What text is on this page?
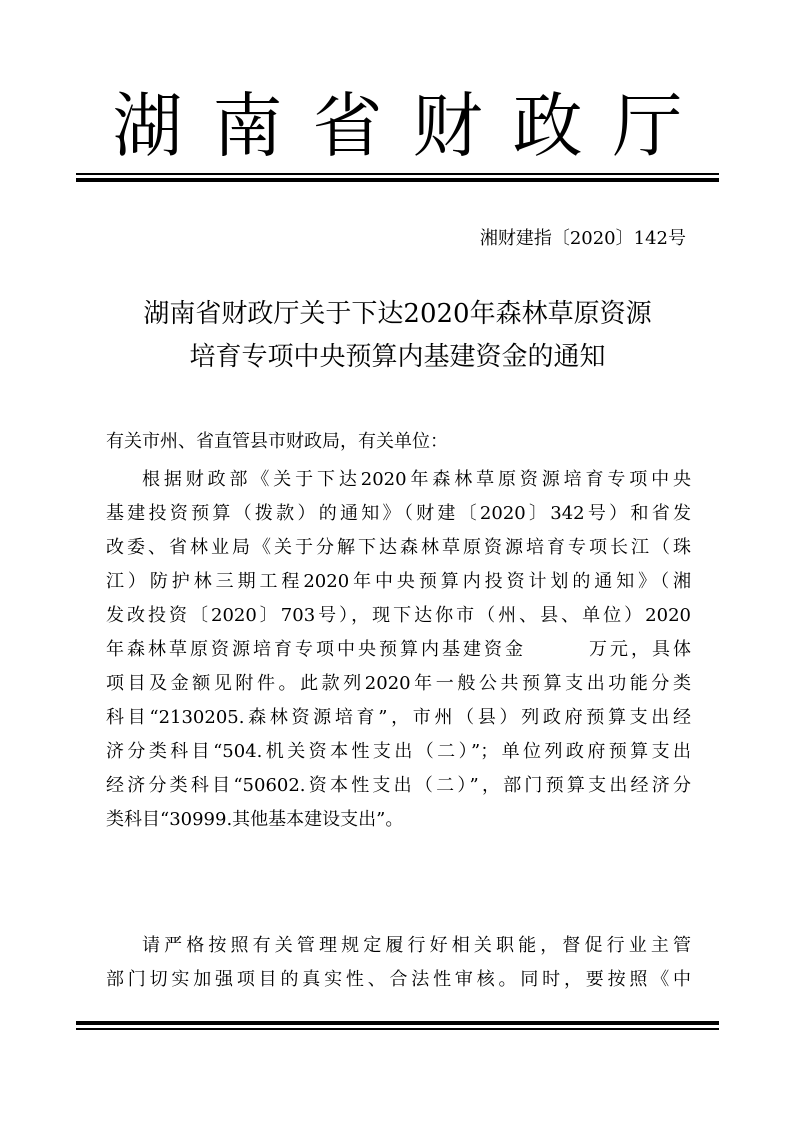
湖南省财政厅
湘财建指〔2020〕142号
湖南省财政厅关于下达2020年森林草原资源
培育专项中央预算内基建资金的通知
有关市州、省直管县市财政局，有关单位：
根据财政部《关于下达2020年森林草原资源培育专项中央
基建投资预算（拨款）的通知》（财建〔2020〕342号）和省发
改委、省林业局《关于分解下达森林草原资源培育专项长江（珠
江）防护林三期工程2020年中央预算内投资计划的通知》（湘
发改投资〔2020〕703号），现下达你市（州、县、单位）2020
年森林草原资源培育专项中央预算内基建资金　　　万元，具体
项目及金额见附件。此款列2020年一般公共预算支出功能分类
科目“2130205.森林资源培育”，市州（县）列政府预算支出经
济分类科目“504.机关资本性支出（二）”；单位列政府预算支出
经济分类科目“50602.资本性支出（二）”，部门预算支出经济分
类科目“30999.其他基本建设支出”。
请严格按照有关管理规定履行好相关职能，督促行业主管
部门切实加强项目的真实性、合法性审核。同时，要按照《中
